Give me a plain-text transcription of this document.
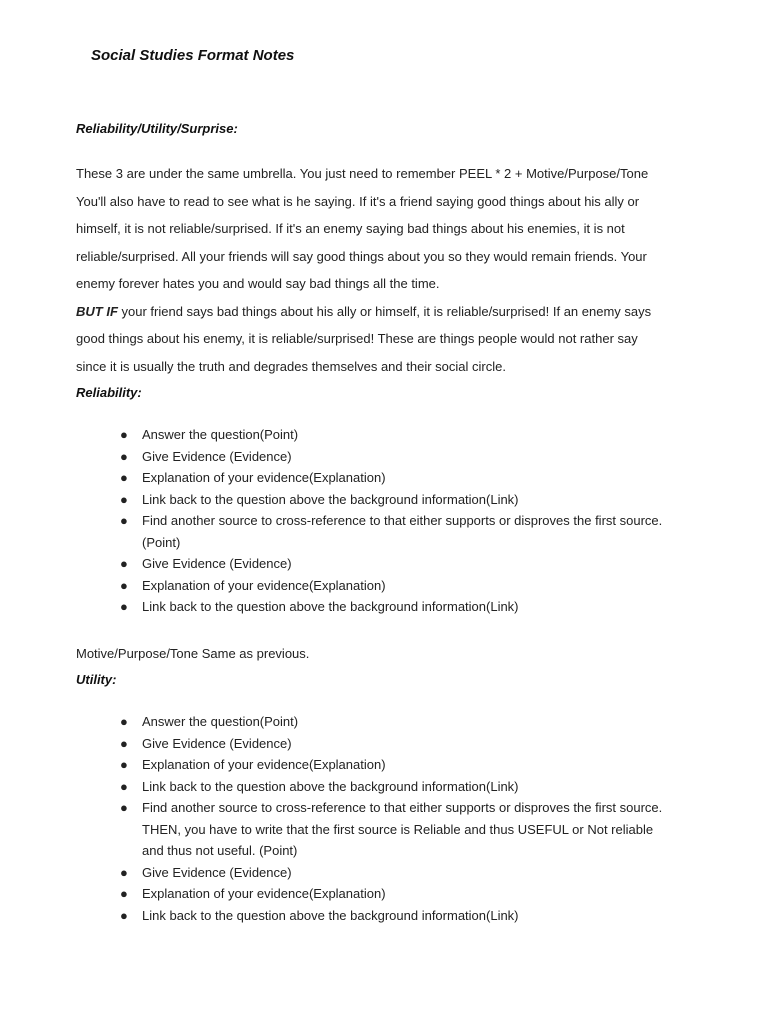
Social Studies Format Notes

Reliability/Utility/Surprise:

These 3 are under the same umbrella. You just need to remember PEEL * 2 + Motive/Purpose/Tone

You'll also have to read to see what is he saying. If it's a friend saying good things about his ally or

himself, it is not reliable/surprised. If it's an enemy saying bad things about his enemies, it is not

reliable/surprised. All your friends will say good things about you so they would remain friends. Your

enemy forever hates you and would say bad things all the time.

BUT IF your friend says bad things about his ally or himself, it is reliable/surprised! If an enemy says

good things about his enemy, it is reliable/surprised! These are things people would not rather say

since it is usually the truth and degrades themselves and their social circle.

Reliability:

● Answer the question(Point)
● Give Evidence (Evidence)
● Explanation of your evidence(Explanation)
● Link back to the question above the background information(Link)
● Find another source to cross-reference to that either supports or disproves the first source. (Point)
● Give Evidence (Evidence)
● Explanation of your evidence(Explanation)
● Link back to the question above the background information(Link)

Motive/Purpose/Tone Same as previous.

Utility:

● Answer the question(Point)
● Give Evidence (Evidence)
● Explanation of your evidence(Explanation)
● Link back to the question above the background information(Link)
● Find another source to cross-reference to that either supports or disproves the first source. THEN, you have to write that the first source is Reliable and thus USEFUL or Not reliable and thus not useful. (Point)
● Give Evidence (Evidence)
● Explanation of your evidence(Explanation)
● Link back to the question above the background information(Link)
